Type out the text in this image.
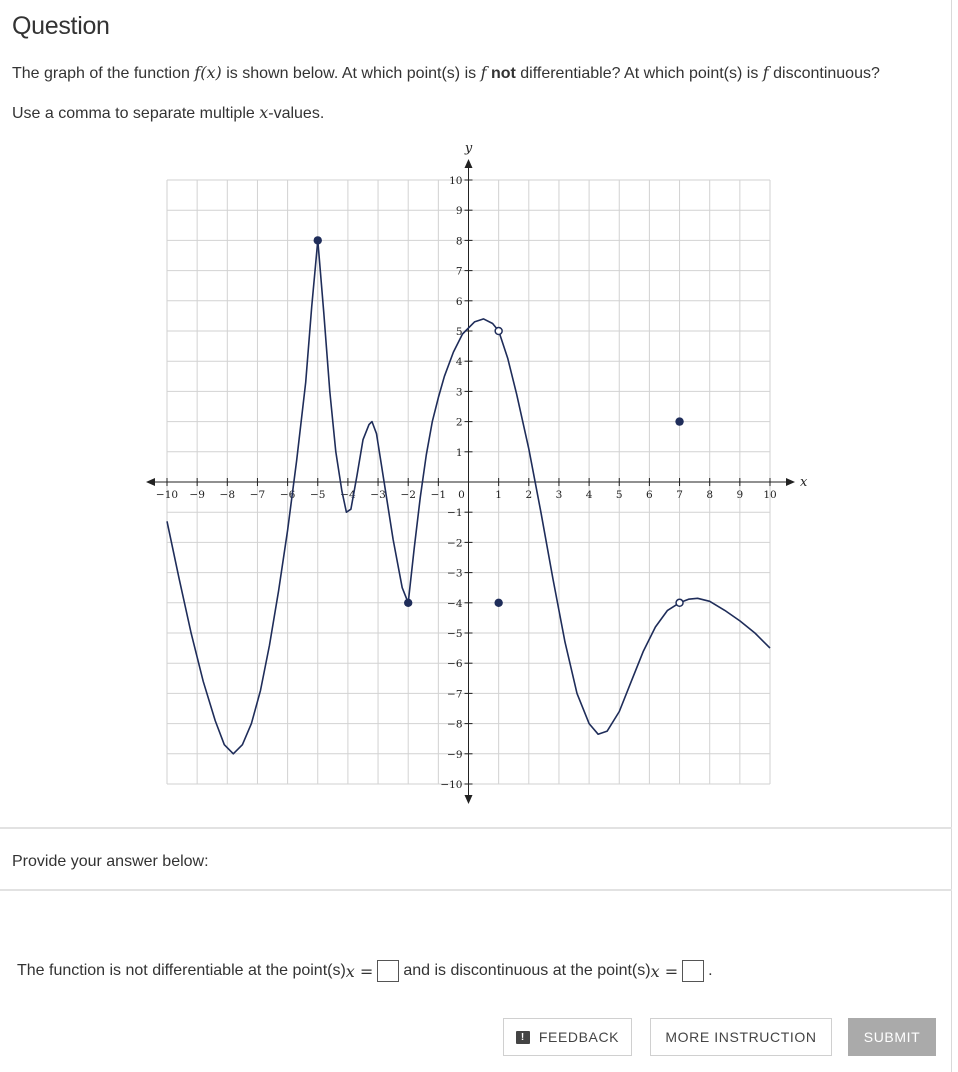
Question
The graph of the function f(x) is shown below. At which point(s) is f not differentiable? At which point(s) is f discontinuous?
Use a comma to separate multiple x-values.
−10 −9 −8 −7 −6 −5 −4 −3 −2 −1 0	1 2 3 4 5 6 7 8 9 10
1
2
3
4
5
6
7
8
9
10
−1
−2
−3
−4
−5
−6
−7
−8
−9
−10
x
y
Provide your answer below:
The function is not differentiable at the point(s) x = and is discontinuous at the point(s) x = .
!	FEEDBACK	MORE INSTRUCTION	SUBMIT
